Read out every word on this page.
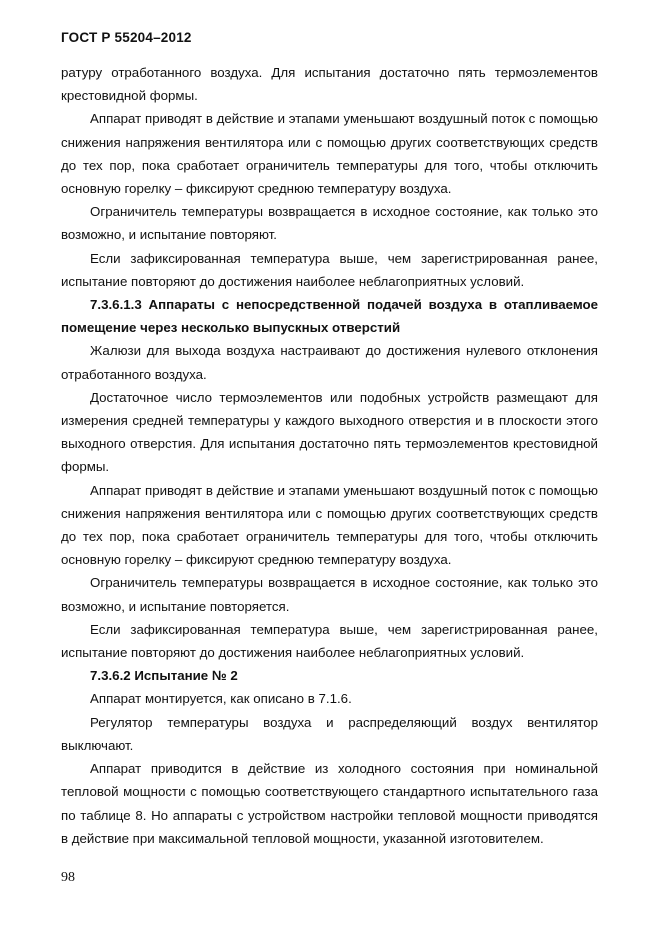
ГОСТ Р 55204–2012

ратуру отработанного воздуха. Для испытания достаточно пять термоэлементов крестовидной формы.

Аппарат приводят в действие и этапами уменьшают воздушный поток с помощью снижения напряжения вентилятора или с помощью других соответствующих средств до тех пор, пока сработает ограничитель температуры для того, чтобы отключить основную горелку – фиксируют среднюю температуру воздуха.

Ограничитель температуры возвращается в исходное состояние, как только это возможно, и испытание повторяют.

Если зафиксированная температура выше, чем зарегистрированная ранее, испытание повторяют до достижения наиболее неблагоприятных условий.

7.3.6.1.3 Аппараты с непосредственной подачей воздуха в отапливаемое помещение через несколько выпускных отверстий

Жалюзи для выхода воздуха настраивают до достижения нулевого отклонения отработанного воздуха.

Достаточное число термоэлементов или подобных устройств размещают для измерения средней температуры у каждого выходного отверстия и в плоскости этого выходного отверстия. Для испытания достаточно пять термоэлементов крестовидной формы.

Аппарат приводят в действие и этапами уменьшают воздушный поток с помощью снижения напряжения вентилятора или с помощью других соответствующих средств до тех пор, пока сработает ограничитель температуры для того, чтобы отключить основную горелку – фиксируют среднюю температуру воздуха.

Ограничитель температуры возвращается в исходное состояние, как только это возможно, и испытание повторяется.

Если зафиксированная температура выше, чем зарегистрированная ранее, испытание повторяют до достижения наиболее неблагоприятных условий.

7.3.6.2 Испытание № 2

Аппарат монтируется, как описано в 7.1.6.

Регулятор температуры воздуха и распределяющий воздух вентилятор выключают.

Аппарат приводится в действие из холодного состояния при номинальной тепловой мощности с помощью соответствующего стандартного испытательного газа по таблице 8. Но аппараты с устройством настройки тепловой мощности приводятся в действие при максимальной тепловой мощности, указанной изготовителем.

98
